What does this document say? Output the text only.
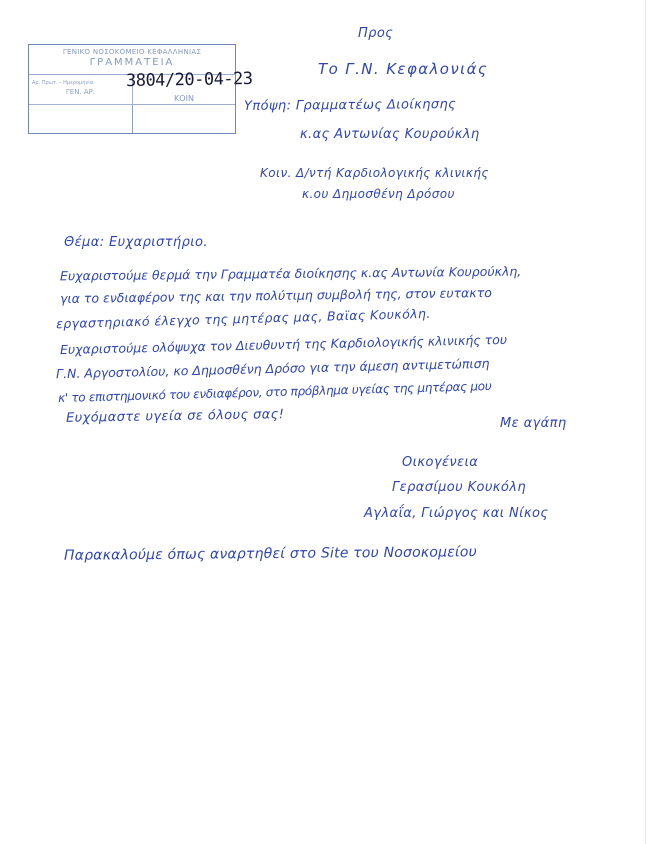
ΓΕΝΙΚΟ ΝΟΣΟΚΟΜΕΙΟ ΚΕΦΑΛΛΗΝΙΑΣ
ΓΡΑΜΜΑΤΕΙΑ
Αρ. Πρωτ. – Ημερομηνία
ΓΕΝ. ΑΡ.
ΚΟΙΝ
3804/20-04-23
Προς
Το Γ.Ν. Κεφαλονιάς
Υπόψη: Γραμματέως Διοίκησης
κ.ας Αντωνίας Κουρούκλη
Κοιν. Δ/ντή Καρδιολογικής κλινικής
κ.ου Δημοσθένη Δρόσου
Θέμα: Ευχαριστήριο.
Ευχαριστούμε θερμά την Γραμματέα διοίκησης κ.ας Αντωνία Κουρούκλη,
για το ενδιαφέρον της και την πολύτιμη συμβολή της, στον ευτακτο
εργαστηριακό έλεγχο της μητέρας μας, Βαϊας Κουκόλη.
Ευχαριστούμε ολόψυχα τον Διευθυντή της Καρδιολογικής κλινικής του
Γ.Ν. Αργοστολίου, κο Δημοσθένη Δρόσο για την άμεση αντιμετώπιση
κ' το επιστημονικό του ενδιαφέρον, στο πρόβλημα υγείας της μητέρας μου
Ευχόμαστε υγεία σε όλους σας!	Με αγάπη
Οικογένεια
Γερασίμου Κουκόλη
Αγλαΐα, Γιώργος και Νίκος
Παρακαλούμε όπως αναρτηθεί στο Site του Νοσοκομείου
